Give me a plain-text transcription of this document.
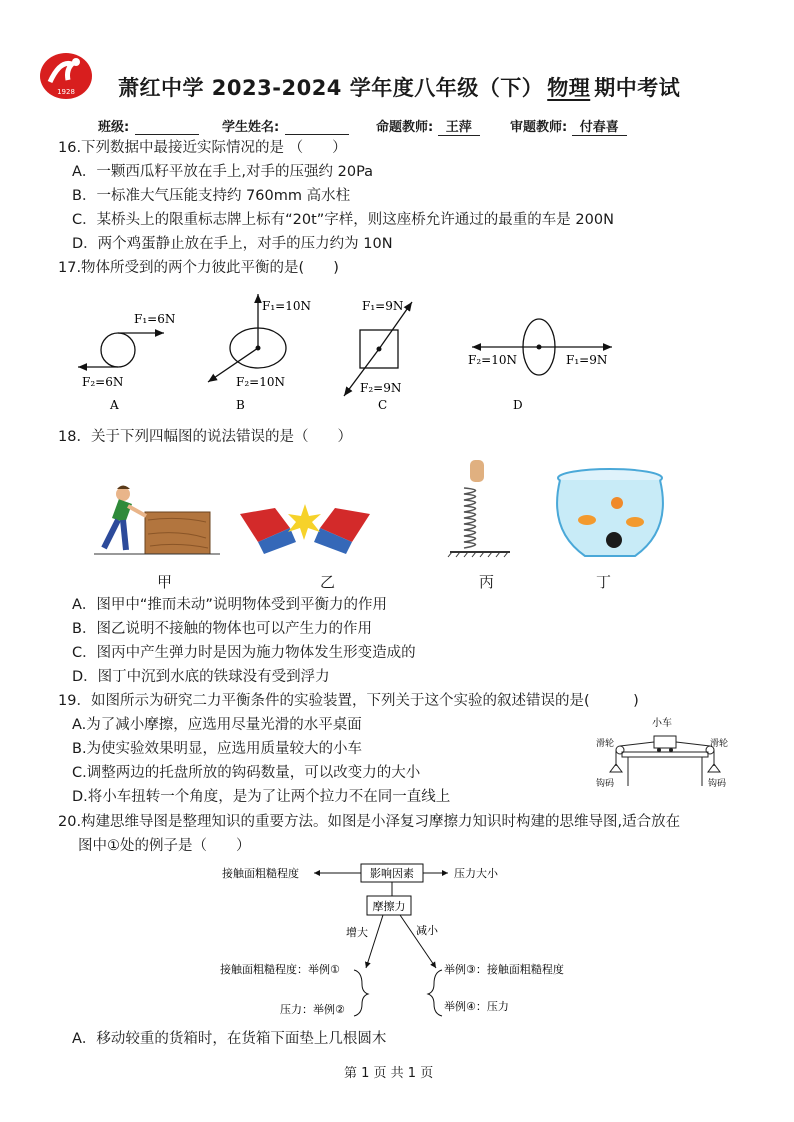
1928 萧红中学 2023-2024 学年度八年级（下） 物理 期中考试
班级:	学生姓名:	命题教师: 王萍	审题教师: 付春喜
16.下列数据中最接近实际情况的是 （　　）
A．一颗西瓜籽平放在手上,对手的压强约 20Pa
B．一标准大气压能支持约 760mm 高水柱
C．某桥头上的限重标志牌上标有“20t”字样，则这座桥允许通过的最重的车是 200N
D．两个鸡蛋静止放在手上，对手的压力约为 10N
17.物体所受到的两个力彼此平衡的是(　　)
F₁=6N
F₂=6N
A
F₁=10N
F₂=10N
B
F₁=9N
F₂=9N
C
F₁=9N
F₂=10N
D
18．关于下列四幅图的说法错误的是（　　）
甲	乙	丙	丁
A．图甲中“推而未动”说明物体受到平衡力的作用
B．图乙说明不接触的物体也可以产生力的作用
C．图丙中产生弹力时是因为施力物体发生形变造成的
D．图丁中沉到水底的铁球没有受到浮力
19．如图所示为研究二力平衡条件的实验装置，下列关于这个实验的叙述错误的是(　　　)
A.为了减小摩擦，应选用尽量光滑的水平桌面
B.为使实验效果明显，应选用质量较大的小车
C.调整两边的托盘所放的钩码数量，可以改变力的大小
D.将小车扭转一个角度，是为了让两个拉力不在同一直线上
小车
滑轮	滑轮
钩码	钩码
20.构建思维导图是整理知识的重要方法。如图是小泽复习摩擦力知识时构建的思维导图,适合放在
图中①处的例子是（　　）
影响因素
接触面粗糙程度	压力大小
摩擦力
增大	减小
接触面粗糙程度：举例①
压力：举例②
举例③：接触面粗糙程度
举例④：压力
A．移动较重的货箱时，在货箱下面垫上几根圆木
第 1 页 共 1 页
